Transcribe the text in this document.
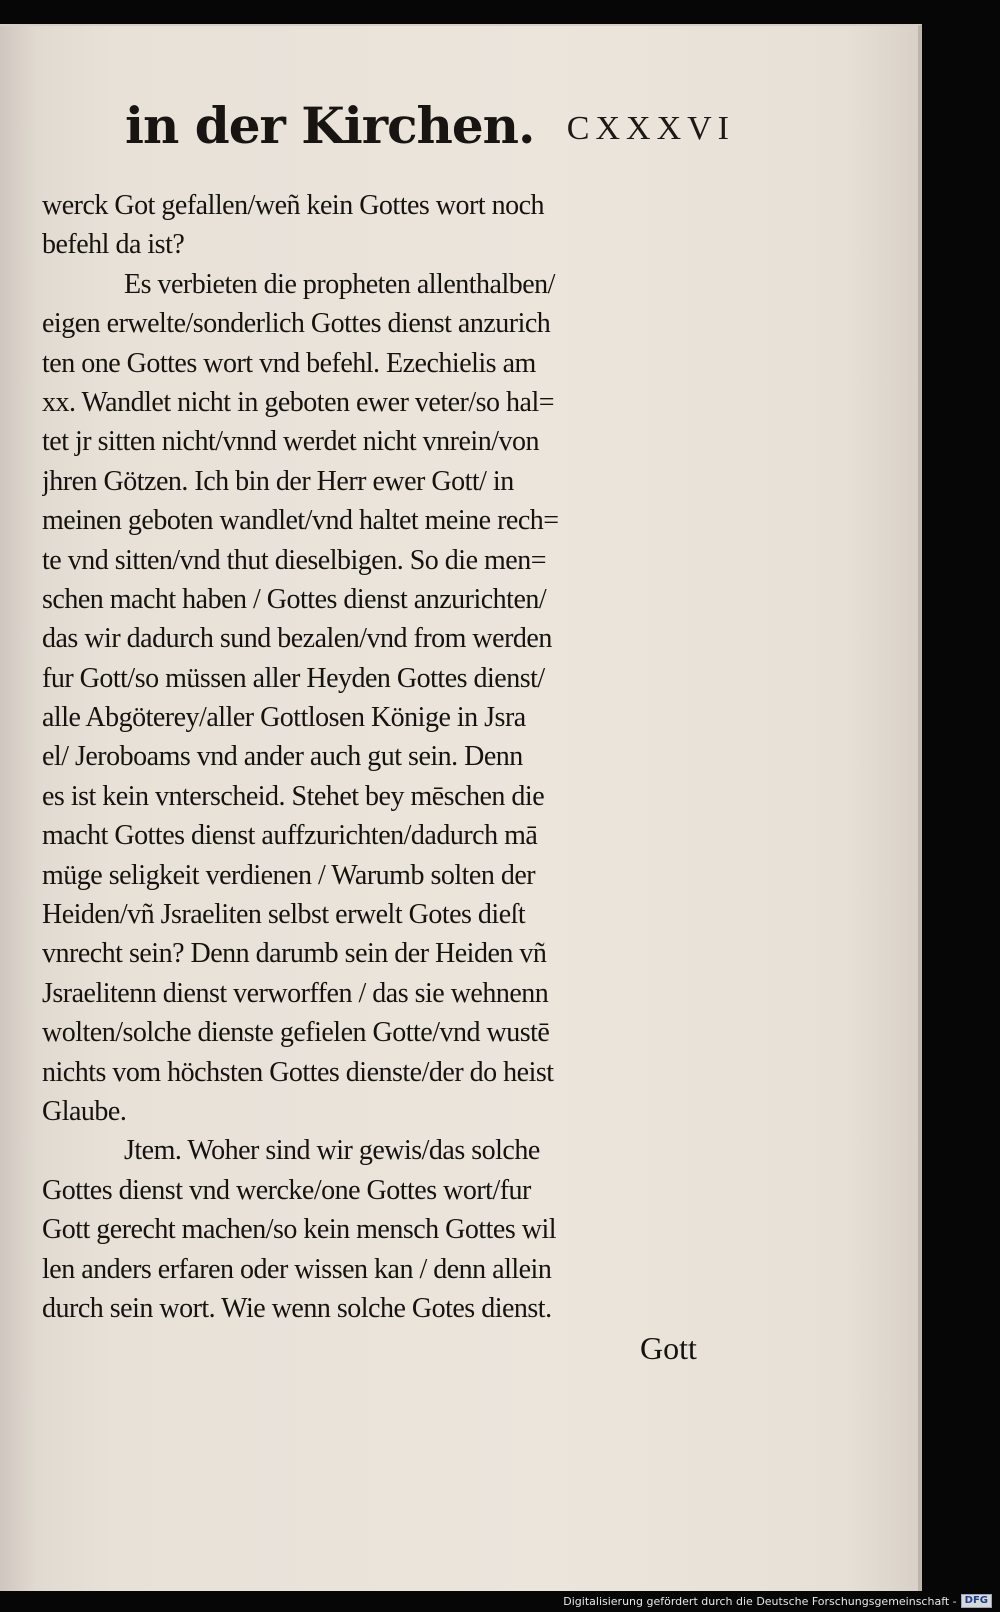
in der Kirchen. CXXXVI
werck Got gefallen/weñ kein Gottes wort noch
befehl da ist?
Es verbieten die propheten allenthalben/
eigen erwelte/sonderlich Gottes dienst anzurich
ten one Gottes wort vnd befehl. Ezechielis am
xx. Wandlet nicht in geboten ewer veter/so hal=
tet jr sitten nicht/vnnd werdet nicht vnrein/von
jhren Götzen. Ich bin der Herr ewer Gott/ in
meinen geboten wandlet/vnd haltet meine rech=
te vnd sitten/vnd thut dieselbigen. So die men=
schen macht haben / Gottes dienst anzurichten/
das wir dadurch sund bezalen/vnd from werden
fur Gott/so müssen aller Heyden Gottes dienst/
alle Abgöterey/aller Gottlosen Könige in Jsra
el/ Jeroboams vnd ander auch gut sein. Denn
es ist kein vnterscheid. Stehet bey mēschen die
macht Gottes dienst auffzurichten/dadurch mā
müge seligkeit verdienen / Warumb solten der
Heiden/vñ Jsraeliten selbst erwelt Gotes dieſt
vnrecht sein? Denn darumb sein der Heiden vñ
Jsraelitenn dienst verworffen / das sie wehnenn
wolten/solche dienste gefielen Gotte/vnd wustē
nichts vom höchsten Gottes dienste/der do heist
Glaube.
Jtem. Woher sind wir gewis/das solche
Gottes dienst vnd wercke/one Gottes wort/fur
Gott gerecht machen/so kein mensch Gottes wil
len anders erfaren oder wissen kan / denn allein
durch sein wort. Wie wenn solche Gotes dienst.
Gott
Digitalisierung gefördert durch die Deutsche Forschungsgemeinschaft - DFG
